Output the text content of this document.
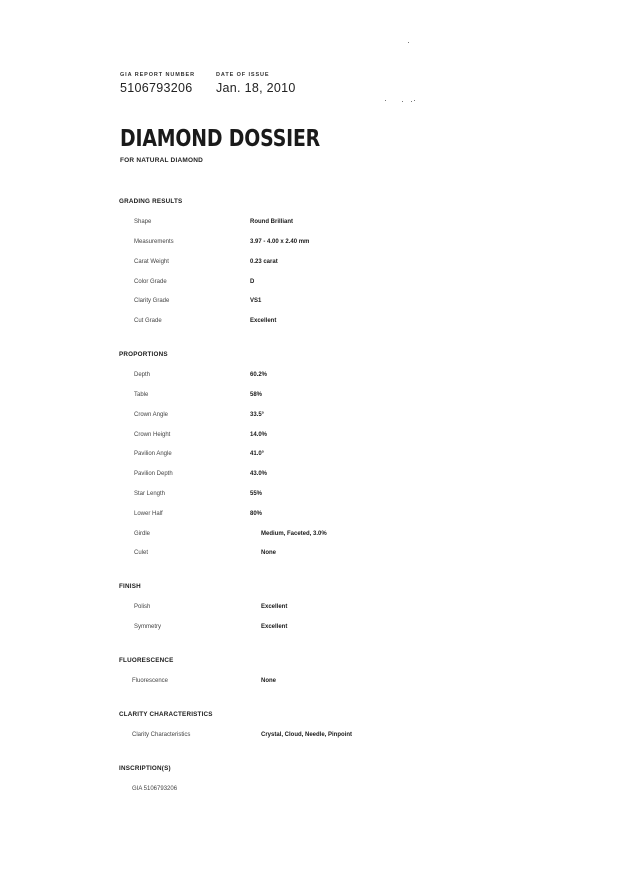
GIA REPORT NUMBER
5106793206
DATE OF ISSUE
Jan. 18, 2010
DIAMOND DOSSIER
FOR NATURAL DIAMOND
GRADING RESULTS
Shape	Round Brilliant
Measurements	3.97 - 4.00 x 2.40 mm
Carat Weight	0.23 carat
Color Grade	D
Clarity Grade	VS1
Cut Grade	Excellent
PROPORTIONS
Depth	60.2%
Table	58%
Crown Angle	33.5°
Crown Height	14.0%
Pavilion Angle	41.0°
Pavilion Depth	43.0%
Star Length	55%
Lower Half	80%
Girdle	Medium, Faceted, 3.0%
Culet	None
FINISH
Polish	Excellent
Symmetry	Excellent
FLUORESCENCE
Fluorescence	None
CLARITY CHARACTERISTICS
Clarity Characteristics	Crystal, Cloud, Needle, Pinpoint
INSCRIPTION(S)
GIA 5106793206
